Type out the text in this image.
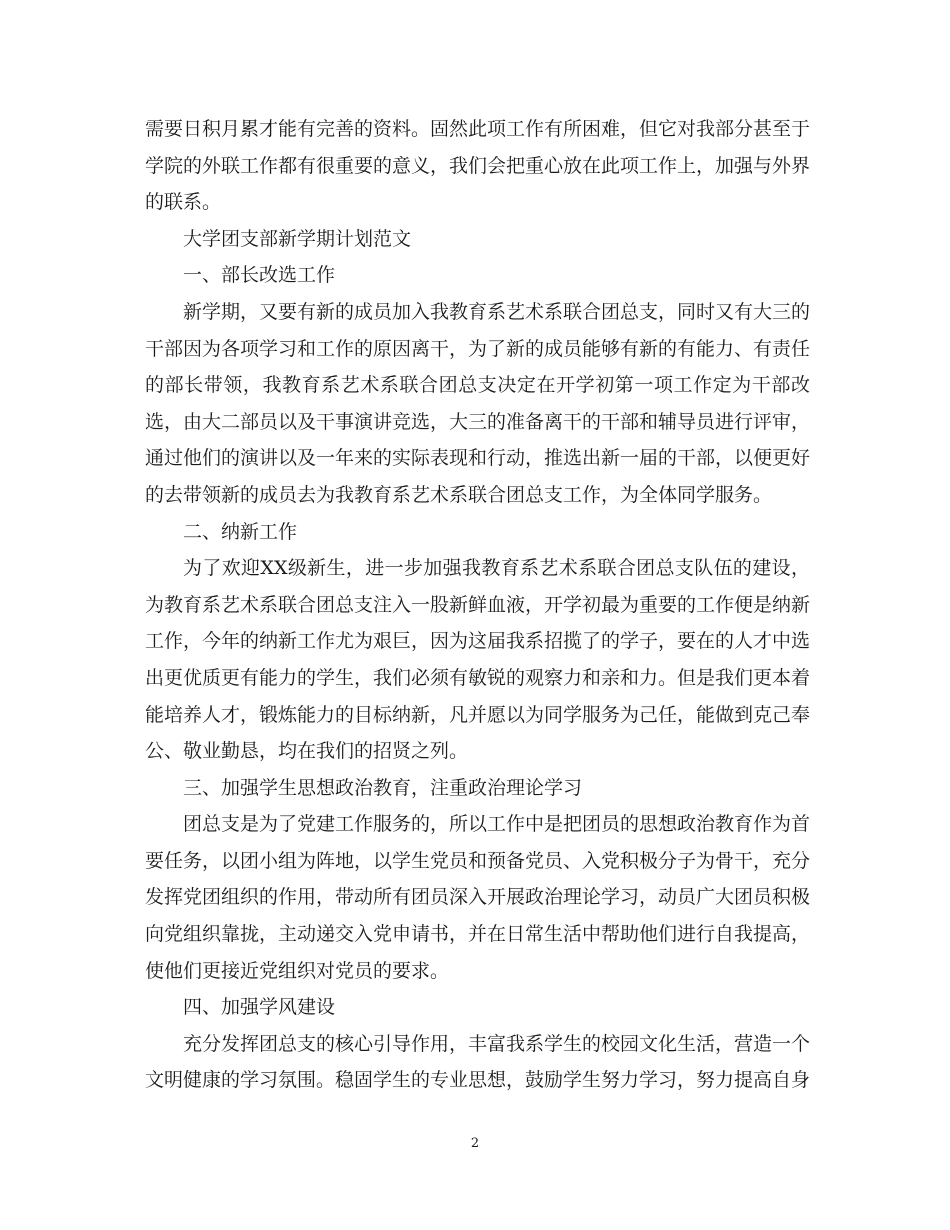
需要日积月累才能有完善的资料。固然此项工作有所困难，但它对我部分甚至于学院的外联工作都有很重要的意义，我们会把重心放在此项工作上，加强与外界的联系。

大学团支部新学期计划范文

一、部长改选工作

新学期，又要有新的成员加入我教育系艺术系联合团总支，同时又有大三的干部因为各项学习和工作的原因离干，为了新的成员能够有新的有能力、有责任的部长带领，我教育系艺术系联合团总支决定在开学初第一项工作定为干部改选，由大二部员以及干事演讲竞选，大三的准备离干的干部和辅导员进行评审，通过他们的演讲以及一年来的实际表现和行动，推选出新一届的干部，以便更好的去带领新的成员去为我教育系艺术系联合团总支工作，为全体同学服务。

二、纳新工作

为了欢迎XX级新生，进一步加强我教育系艺术系联合团总支队伍的建设，为教育系艺术系联合团总支注入一股新鲜血液，开学初最为重要的工作便是纳新工作，今年的纳新工作尤为艰巨，因为这届我系招揽了的学子，要在的人才中选出更优质更有能力的学生，我们必须有敏锐的观察力和亲和力。但是我们更本着能培养人才，锻炼能力的目标纳新，凡并愿以为同学服务为己任，能做到克己奉公、敬业勤恳，均在我们的招贤之列。

三、加强学生思想政治教育，注重政治理论学习

团总支是为了党建工作服务的，所以工作中是把团员的思想政治教育作为首要任务，以团小组为阵地，以学生党员和预备党员、入党积极分子为骨干，充分发挥党团组织的作用，带动所有团员深入开展政治理论学习，动员广大团员积极向党组织靠拢，主动递交入党申请书，并在日常生活中帮助他们进行自我提高，使他们更接近党组织对党员的要求。

四、加强学风建设

充分发挥团总支的核心引导作用，丰富我系学生的校园文化生活，营造一个文明健康的学习氛围。稳固学生的专业思想，鼓励学生努力学习，努力提高自身

2
